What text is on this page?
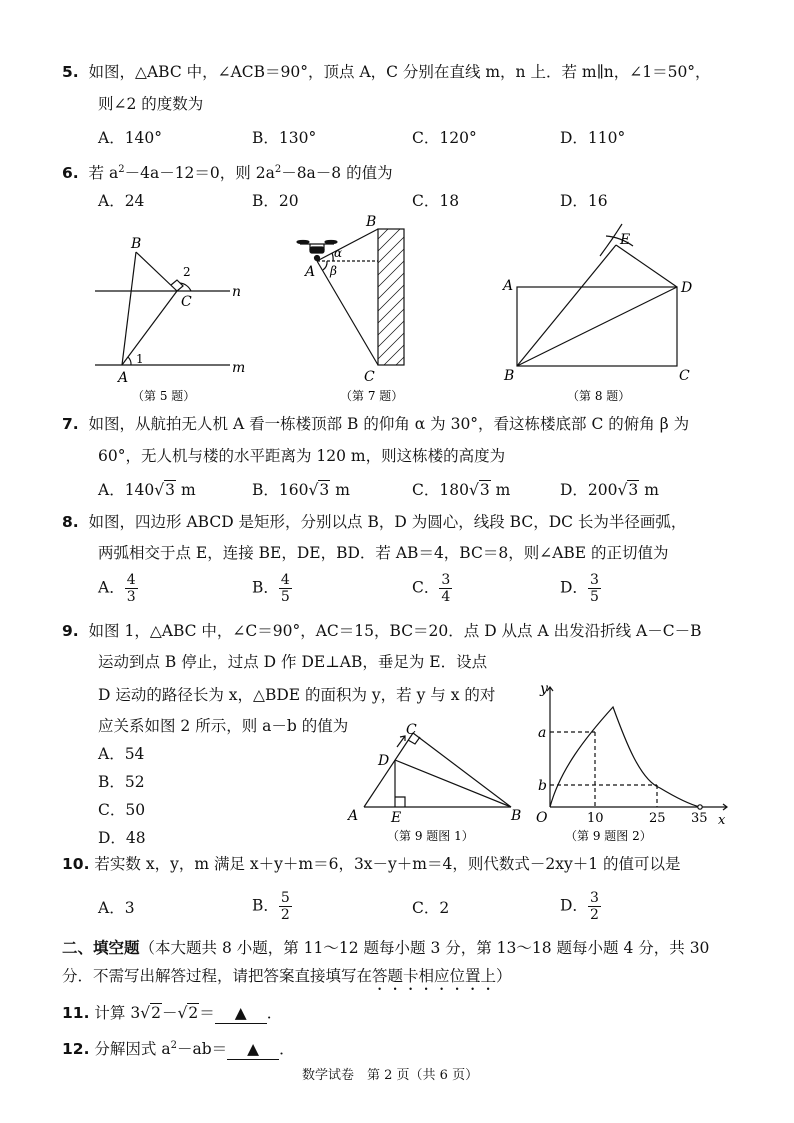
5. 如图，△ABC 中，∠ACB＝90°，顶点 A，C 分别在直线 m，n 上．若 m∥n，∠1＝50°，
则∠2 的度数为
A．140°	B．130°	C．120°	D．110°
6. 若 $a^2-4a-12=0$，则 $2a^2-8a-8$ 的值为
A．24	B．20	C．18	D．16
B
C
A
n
m
1
2
（第 5 题）
B
A
C
α
β
（第 7 题）
E
A	D
B	C
（第 8 题）
C
D
A E	B
（第 9 题图 1）
y
x
a
b
O	10	25 35
（第 9 题图 2）
7. 如图，从航拍无人机 A 看一栋楼顶部 B 的仰角 α 为 30°，看这栋楼底部 C 的俯角 β 为
60°，无人机与楼的水平距离为 120 m，则这栋楼的高度为
A．140√3 m	B．160√3 m	C．180√3 m	D．200√3 m
8. 如图，四边形 ABCD 是矩形，分别以点 B，D 为圆心，线段 BC，DC 长为半径画弧，
两弧相交于点 E，连接 BE，DE，BD．若 AB＝4，BC＝8，则∠ABE 的正切值为
A． $\frac{4}{3}$	B． $\frac{4}{5}$	C． $\frac{3}{4}$	D． $\frac{3}{5}$
9. 如图 1，△ABC 中，∠C＝90°，AC＝15，BC＝20．点 D 从点 A 出发沿折线 A－C－B
运动到点 B 停止，过点 D 作 DE⊥AB，垂足为 E．设点
D 运动的路径长为 x，△BDE 的面积为 y，若 y 与 x 的对
应关系如图 2 所示，则 a－b 的值为
A．54
B．52
C．50
D．48
10. 若实数 x，y，m 满足 x＋y＋m＝6，3x－y＋m＝4，则代数式－2xy＋1 的值可以是
A．3	B． $\frac{5}{2}$	C．2	D． $\frac{3}{2}$
二、填空题（本大题共 8 小题，第 11～12 题每小题 3 分，第 13～18 题每小题 4 分，共 30
分．不需写出解答过程，请把答案直接填写在答题卡相应位置上）
11. 计算 3√2－√2＝ ▲ ．
12. 分解因式 $a^2-ab=$ ▲ ．
数学试卷　第 2 页（共 6 页）
